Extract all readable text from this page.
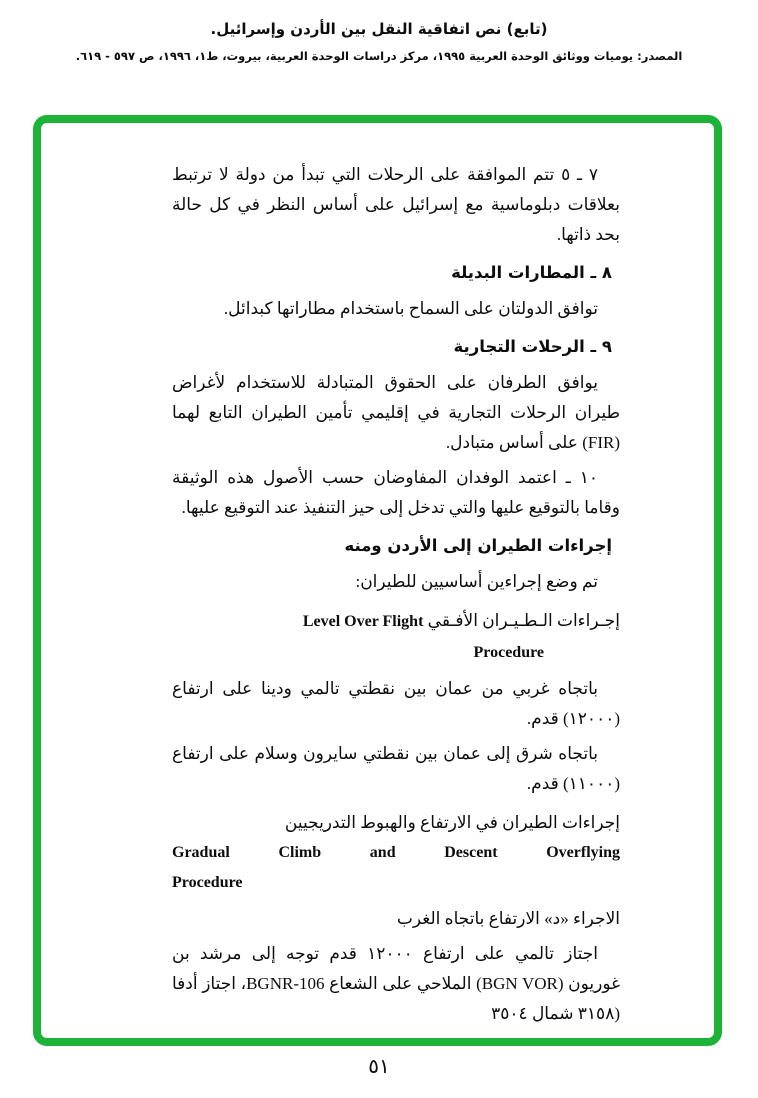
(تابع) نص اتفاقية النقل بين الأردن وإسرائيل.
المصدر: يوميات ووثائق الوحدة العربية ١٩٩٥، مركز دراسات الوحدة العربية، بيروت، ط١، ١٩٩٦، ص ٥٩٧ - ٦١٩.

٧ ـ ٥ تتم الموافقة على الرحلات التي تبدأ من دولة لا ترتبط بعلاقات دبلوماسية مع إسرائيل على أساس النظر في كل حالة بحد ذاتها.

٨ ـ المطارات البديلة

توافق الدولتان على السماح باستخدام مطاراتها كبدائل.

٩ ـ الرحلات التجارية

يوافق الطرفان على الحقوق المتبادلة للاستخدام لأغراض طيران الرحلات التجارية في إقليمي تأمين الطيران التابع لهما (FIR) على أساس متبادل.

١٠ ـ اعتمد الوفدان المفاوضان حسب الأصول هذه الوثيقة وقاما بالتوقيع عليها والتي تدخل إلى حيز التنفيذ عند التوقيع عليها.

إجراءات الطيران إلى الأردن ومنه

تم وضع إجراءين أساسيين للطيران:

إجـراءات الـطـيـران الأفـقي Level Over Flight
Procedure

باتجاه غربي من عمان بين نقطتي تالمي ودينا على ارتفاع (١٢٠٠٠) قدم.

باتجاه شرق إلى عمان بين نقطتي سايرون وسلام على ارتفاع (١١٠٠٠) قدم.

إجراءات الطيران في الارتفاع والهبوط التدريجيين
Gradual Climb and Descent Overflying
Procedure

الاجراء «د» الارتفاع باتجاه الغرب

اجتاز تالمي على ارتفاع ١٢٠٠٠ قدم توجه إلى مرشد بن غوريون (BGN VOR) الملاحي على الشعاع BGNR-106، اجتاز أدفا (٣١٥٨ شمال ٣٥٠٤

٥١
